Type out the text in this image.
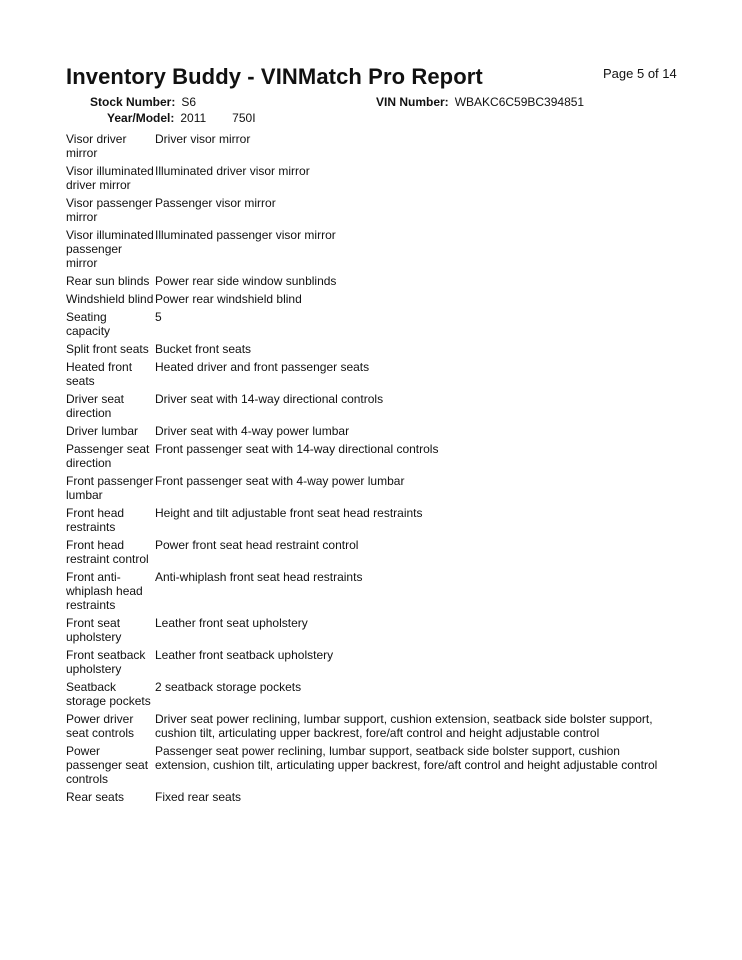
Page 5 of 14
Inventory Buddy - VINMatch Pro Report
Stock Number: S6	VIN Number: WBAKC6C59BC394851
Year/Model: 2011 750I
Visor driver mirror	Driver visor mirror
Visor illuminated driver mirror	Illuminated driver visor mirror
Visor passenger mirror	Passenger visor mirror
Visor illuminated passenger mirror	Illuminated passenger visor mirror
Rear sun blinds	Power rear side window sunblinds
Windshield blind	Power rear windshield blind
Seating capacity	5
Split front seats	Bucket front seats
Heated front seats	Heated driver and front passenger seats
Driver seat direction	Driver seat with 14-way directional controls
Driver lumbar	Driver seat with 4-way power lumbar
Passenger seat direction	Front passenger seat with 14-way directional controls
Front passenger lumbar	Front passenger seat with 4-way power lumbar
Front head restraints	Height and tilt adjustable front seat head restraints
Front head restraint control	Power front seat head restraint control
Front anti-whiplash head restraints	Anti-whiplash front seat head restraints
Front seat upholstery	Leather front seat upholstery
Front seatback upholstery	Leather front seatback upholstery
Seatback storage pockets	2 seatback storage pockets
Power driver seat controls	Driver seat power reclining, lumbar support, cushion extension, seatback side bolster support, cushion tilt, articulating upper backrest, fore/aft control and height adjustable control
Power passenger seat controls	Passenger seat power reclining, lumbar support, seatback side bolster support, cushion extension, cushion tilt, articulating upper backrest, fore/aft control and height adjustable control
Rear seats	Fixed rear seats
